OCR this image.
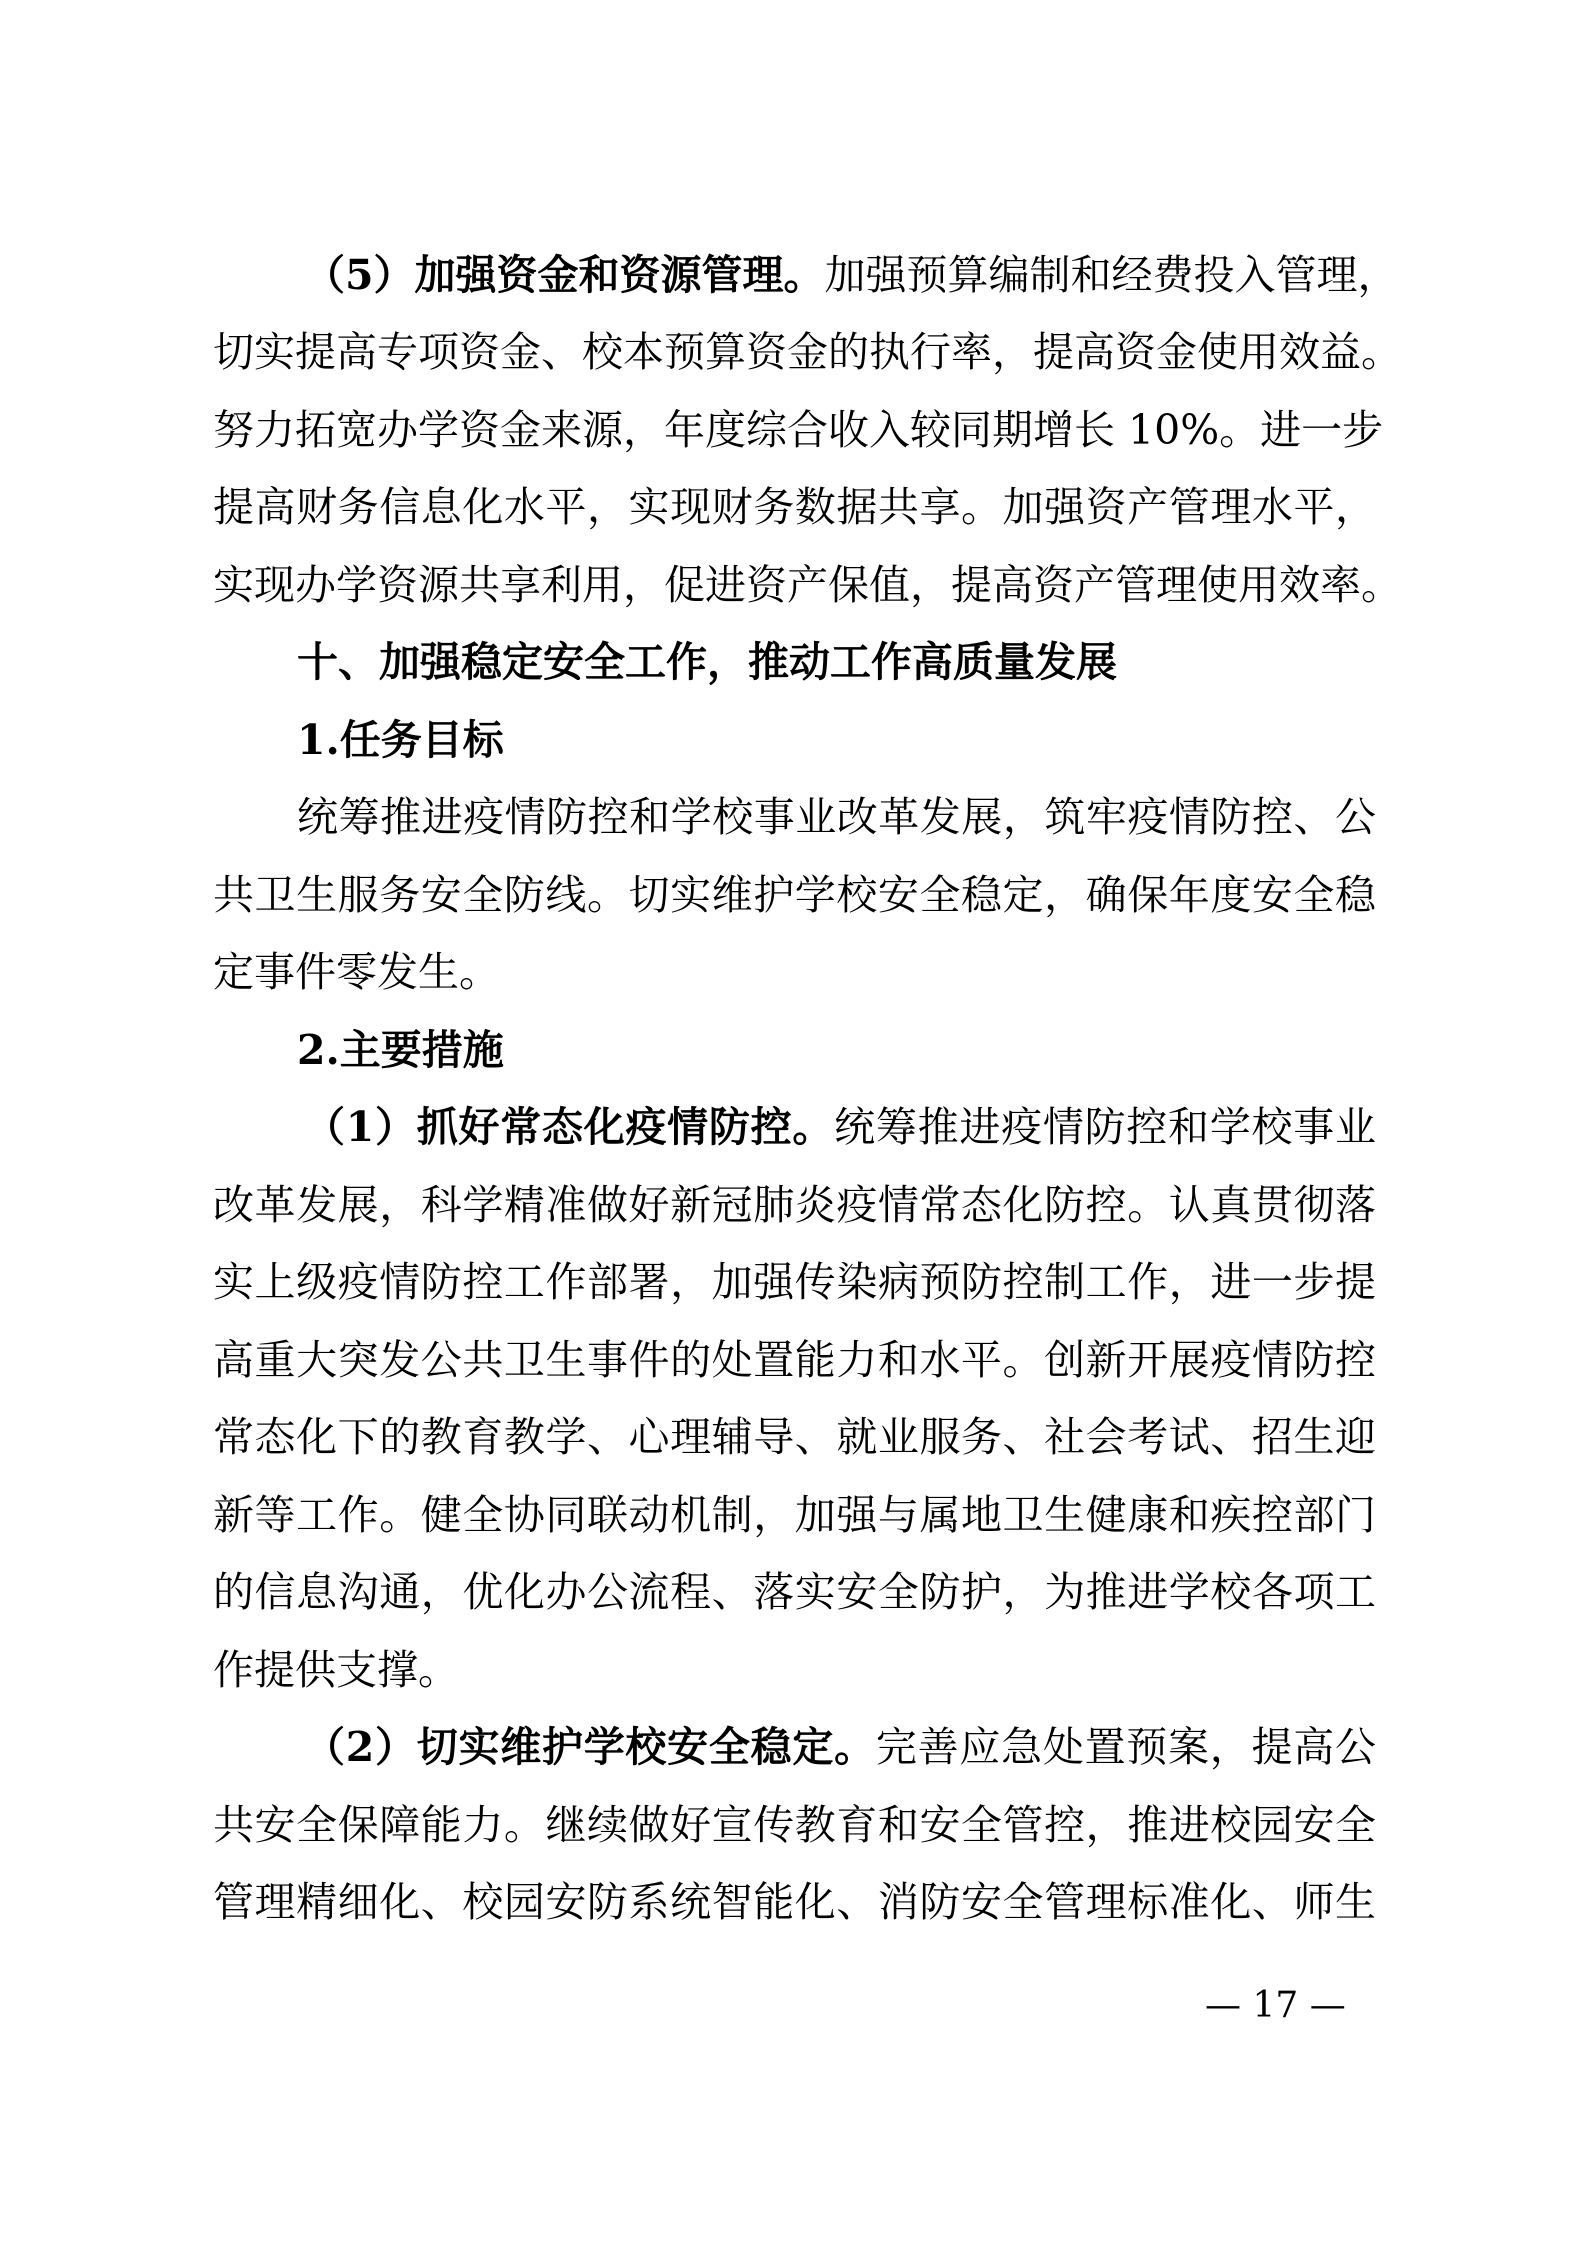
（5）加强资金和资源管理。加强预算编制和经费投入管理，

切实提高专项资金、校本预算资金的执行率，提高资金使用效益。

努力拓宽办学资金来源，年度综合收入较同期增长 10%。进一步

提高财务信息化水平，实现财务数据共享。加强资产管理水平，

实现办学资源共享利用，促进资产保值，提高资产管理使用效率。

十、加强稳定安全工作，推动工作高质量发展

1.任务目标

统筹推进疫情防控和学校事业改革发展，筑牢疫情防控、公

共卫生服务安全防线。切实维护学校安全稳定，确保年度安全稳

定事件零发生。

2.主要措施

（1）抓好常态化疫情防控。统筹推进疫情防控和学校事业

改革发展，科学精准做好新冠肺炎疫情常态化防控。认真贯彻落

实上级疫情防控工作部署，加强传染病预防控制工作，进一步提

高重大突发公共卫生事件的处置能力和水平。创新开展疫情防控

常态化下的教育教学、心理辅导、就业服务、社会考试、招生迎

新等工作。健全协同联动机制，加强与属地卫生健康和疾控部门

的信息沟通，优化办公流程、落实安全防护，为推进学校各项工

作提供支撑。

（2）切实维护学校安全稳定。完善应急处置预案，提高公

共安全保障能力。继续做好宣传教育和安全管控，推进校园安全

管理精细化、校园安防系统智能化、消防安全管理标准化、师生

— 17 —
